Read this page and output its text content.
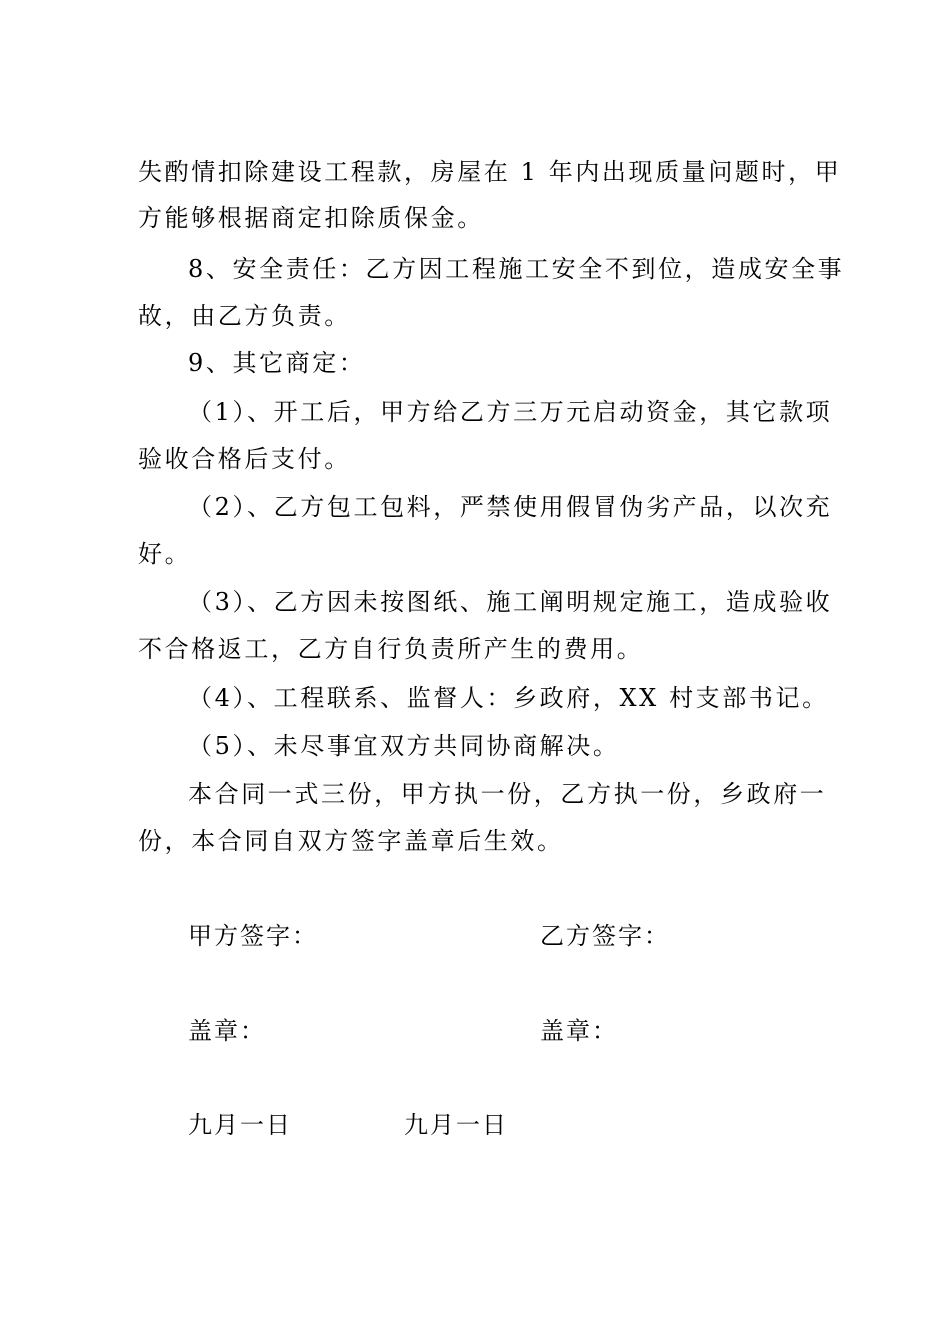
失酌情扣除建设工程款，房屋在 1 年内出现质量问题时，甲
方能够根据商定扣除质保金。
8、安全责任：乙方因工程施工安全不到位，造成安全事
故，由乙方负责。
9、其它商定：
（1）、开工后，甲方给乙方三万元启动资金，其它款项
验收合格后支付。
（2）、乙方包工包料，严禁使用假冒伪劣产品，以次充
好。
（3）、乙方因未按图纸、施工阐明规定施工，造成验收
不合格返工，乙方自行负责所产生的费用。
（4）、工程联系、监督人：乡政府，XX 村支部书记。
（5）、未尽事宜双方共同协商解决。
本合同一式三份，甲方执一份，乙方执一份，乡政府一
份，本合同自双方签字盖章后生效。
甲方签字：	乙方签字：
盖章：	盖章：
九月一日	九月一日
